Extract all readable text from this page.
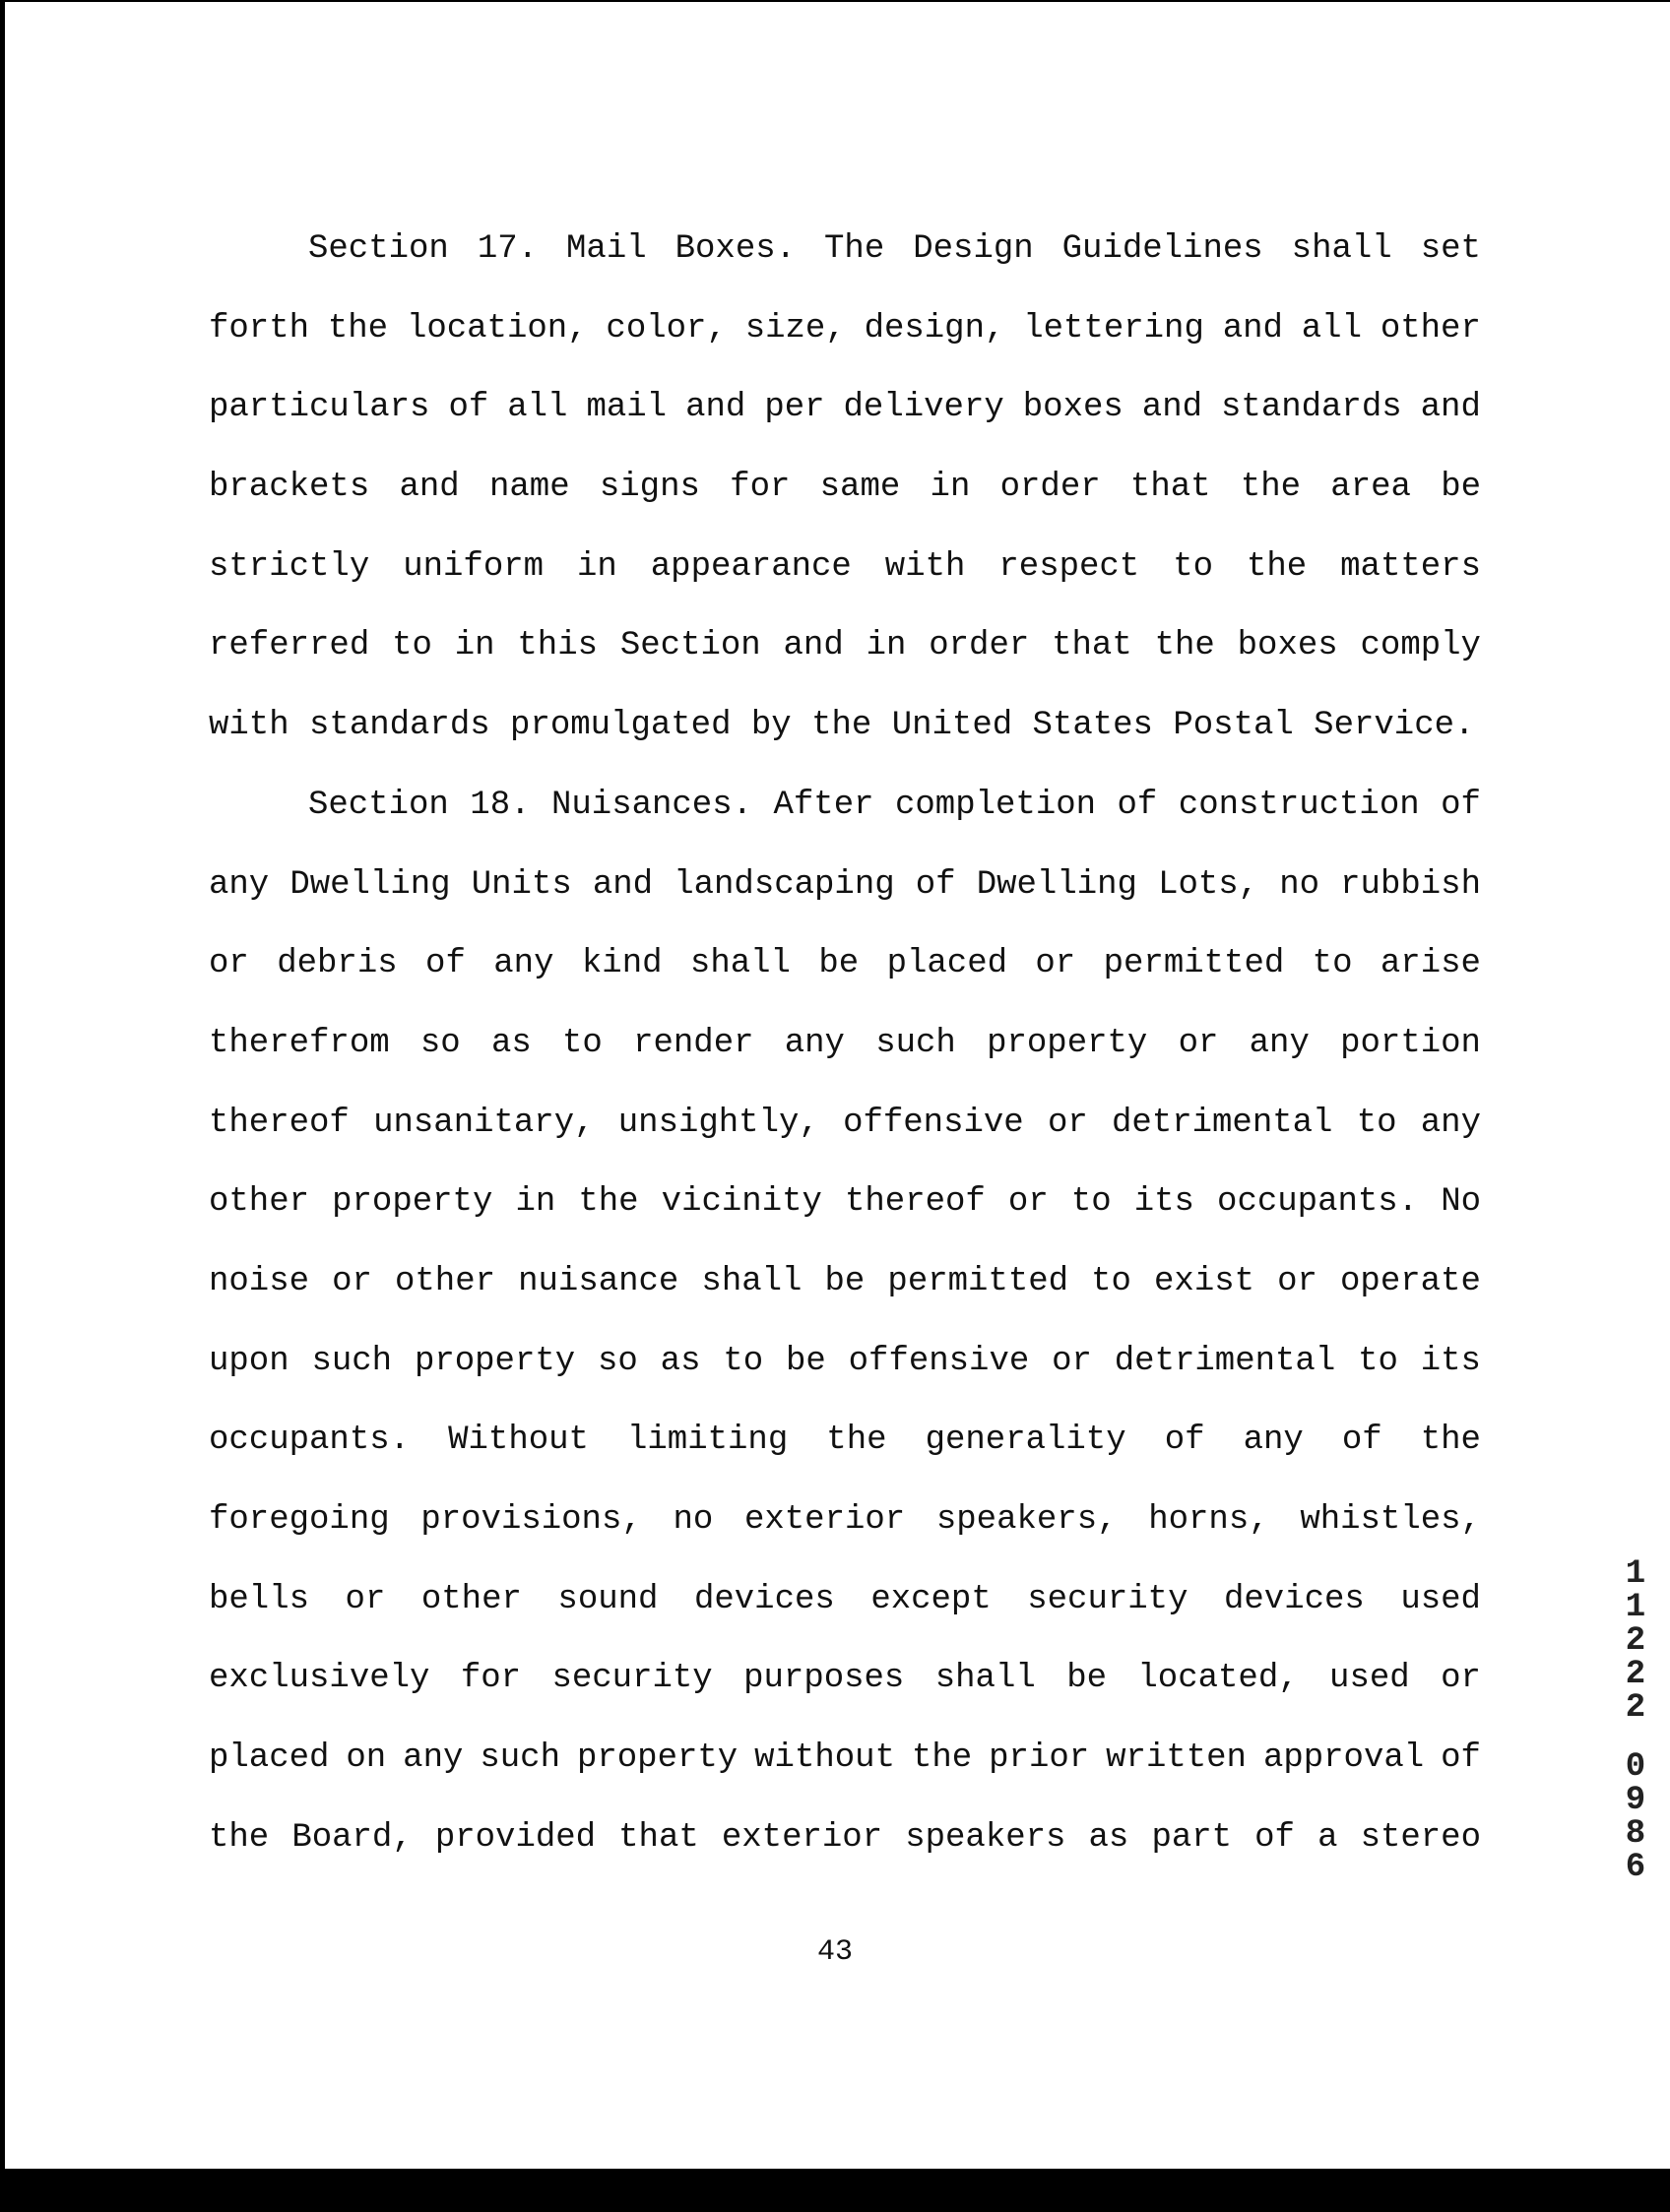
Section 17. Mail Boxes. The Design Guidelines shall set
forth the location, color, size, design, lettering and all other
particulars of all mail and per delivery boxes and standards and
brackets and name signs for same in order that the area be
strictly uniform in appearance with respect to the matters
referred to in this Section and in order that the boxes comply
with standards promulgated by the United States Postal Service.
Section 18. Nuisances. After completion of construction of
any Dwelling Units and landscaping of Dwelling Lots, no rubbish
or debris of any kind shall be placed or permitted to arise
therefrom so as to render any such property or any portion
thereof unsanitary, unsightly, offensive or detrimental to any
other property in the vicinity thereof or to its occupants. No
noise or other nuisance shall be permitted to exist or operate
upon such property so as to be offensive or detrimental to its
occupants. Without limiting the generality of any of the
foregoing provisions, no exterior speakers, horns, whistles,
bells or other sound devices except security devices used
exclusively for security purposes shall be located, used or
placed on any such property without the prior written approval of
the Board, provided that exterior speakers as part of a stereo
43
1
1
2
2
2
0
9
8
6
